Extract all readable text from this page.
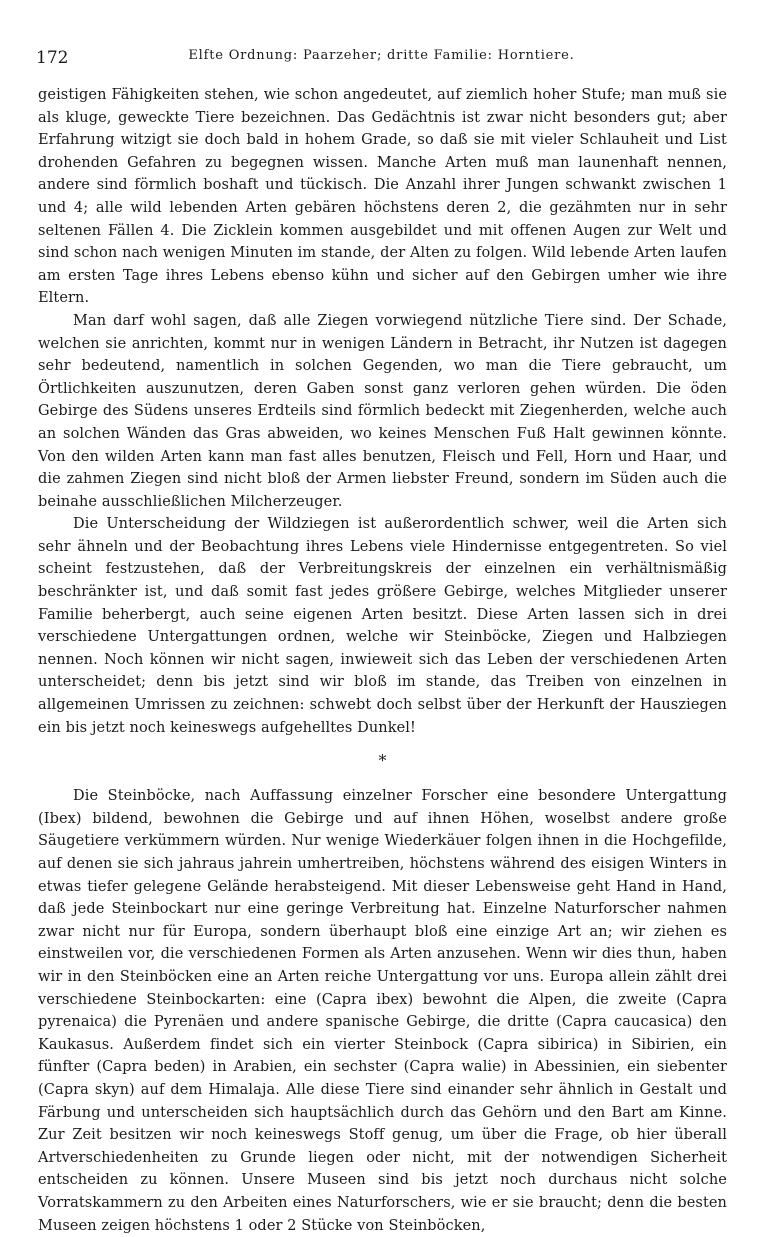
172	Elfte Ordnung: Paarzeher; dritte Familie: Horntiere.

geistigen Fähigkeiten stehen, wie schon angedeutet, auf ziemlich hoher Stufe; man muß sie als kluge, geweckte Tiere bezeichnen. Das Gedächtnis ist zwar nicht besonders gut; aber Erfahrung witzigt sie doch bald in hohem Grade, so daß sie mit vieler Schlauheit und List drohenden Gefahren zu begegnen wissen. Manche Arten muß man launenhaft nennen, andere sind förmlich boshaft und tückisch. Die Anzahl ihrer Jungen schwankt zwischen 1 und 4; alle wild lebenden Arten gebären höchstens deren 2, die gezähmten nur in sehr seltenen Fällen 4. Die Zicklein kommen ausgebildet und mit offenen Augen zur Welt und sind schon nach wenigen Minuten im stande, der Alten zu folgen. Wild lebende Arten laufen am ersten Tage ihres Lebens ebenso kühn und sicher auf den Gebirgen umher wie ihre Eltern.

Man darf wohl sagen, daß alle Ziegen vorwiegend nützliche Tiere sind. Der Schade, welchen sie anrichten, kommt nur in wenigen Ländern in Betracht, ihr Nutzen ist dagegen sehr bedeutend, namentlich in solchen Gegenden, wo man die Tiere gebraucht, um Örtlichkeiten auszunutzen, deren Gaben sonst ganz verloren gehen würden. Die öden Gebirge des Südens unseres Erdteils sind förmlich bedeckt mit Ziegenherden, welche auch an solchen Wänden das Gras abweiden, wo keines Menschen Fuß Halt gewinnen könnte. Von den wilden Arten kann man fast alles benutzen, Fleisch und Fell, Horn und Haar, und die zahmen Ziegen sind nicht bloß der Armen liebster Freund, sondern im Süden auch die beinahe ausschließlichen Milcherzeuger.

Die Unterscheidung der Wildziegen ist außerordentlich schwer, weil die Arten sich sehr ähneln und der Beobachtung ihres Lebens viele Hindernisse entgegentreten. So viel scheint festzustehen, daß der Verbreitungskreis der einzelnen ein verhältnismäßig beschränkter ist, und daß somit fast jedes größere Gebirge, welches Mitglieder unserer Familie beherbergt, auch seine eigenen Arten besitzt. Diese Arten lassen sich in drei verschiedene Untergattungen ordnen, welche wir Steinböcke, Ziegen und Halbziegen nennen. Noch können wir nicht sagen, inwieweit sich das Leben der verschiedenen Arten unterscheidet; denn bis jetzt sind wir bloß im stande, das Treiben von einzelnen in allgemeinen Umrissen zu zeichnen: schwebt doch selbst über der Herkunft der Hausziegen ein bis jetzt noch keineswegs aufgehelltes Dunkel!

*

Die Steinböcke, nach Auffassung einzelner Forscher eine besondere Untergattung (Ibex) bildend, bewohnen die Gebirge und auf ihnen Höhen, woselbst andere große Säugetiere verkümmern würden. Nur wenige Wiederkäuer folgen ihnen in die Hochgefilde, auf denen sie sich jahraus jahrein umhertreiben, höchstens während des eisigen Winters in etwas tiefer gelegene Gelände herabsteigend. Mit dieser Lebensweise geht Hand in Hand, daß jede Steinbockart nur eine geringe Verbreitung hat. Einzelne Naturforscher nahmen zwar nicht nur für Europa, sondern überhaupt bloß eine einzige Art an; wir ziehen es einstweilen vor, die verschiedenen Formen als Arten anzusehen. Wenn wir dies thun, haben wir in den Steinböcken eine an Arten reiche Untergattung vor uns. Europa allein zählt drei verschiedene Steinbockarten: eine (Capra ibex) bewohnt die Alpen, die zweite (Capra pyrenaica) die Pyrenäen und andere spanische Gebirge, die dritte (Capra caucasica) den Kaukasus. Außerdem findet sich ein vierter Steinbock (Capra sibirica) in Sibirien, ein fünfter (Capra beden) in Arabien, ein sechster (Capra walie) in Abessinien, ein siebenter (Capra skyn) auf dem Himalaja. Alle diese Tiere sind einander sehr ähnlich in Gestalt und Färbung und unterscheiden sich hauptsächlich durch das Gehörn und den Bart am Kinne. Zur Zeit besitzen wir noch keineswegs Stoff genug, um über die Frage, ob hier überall Artverschiedenheiten zu Grunde liegen oder nicht, mit der notwendigen Sicherheit entscheiden zu können. Unsere Museen sind bis jetzt noch durchaus nicht solche Vorratskammern zu den Arbeiten eines Naturforschers, wie er sie braucht; denn die besten Museen zeigen höchstens 1 oder 2 Stücke von Steinböcken,
